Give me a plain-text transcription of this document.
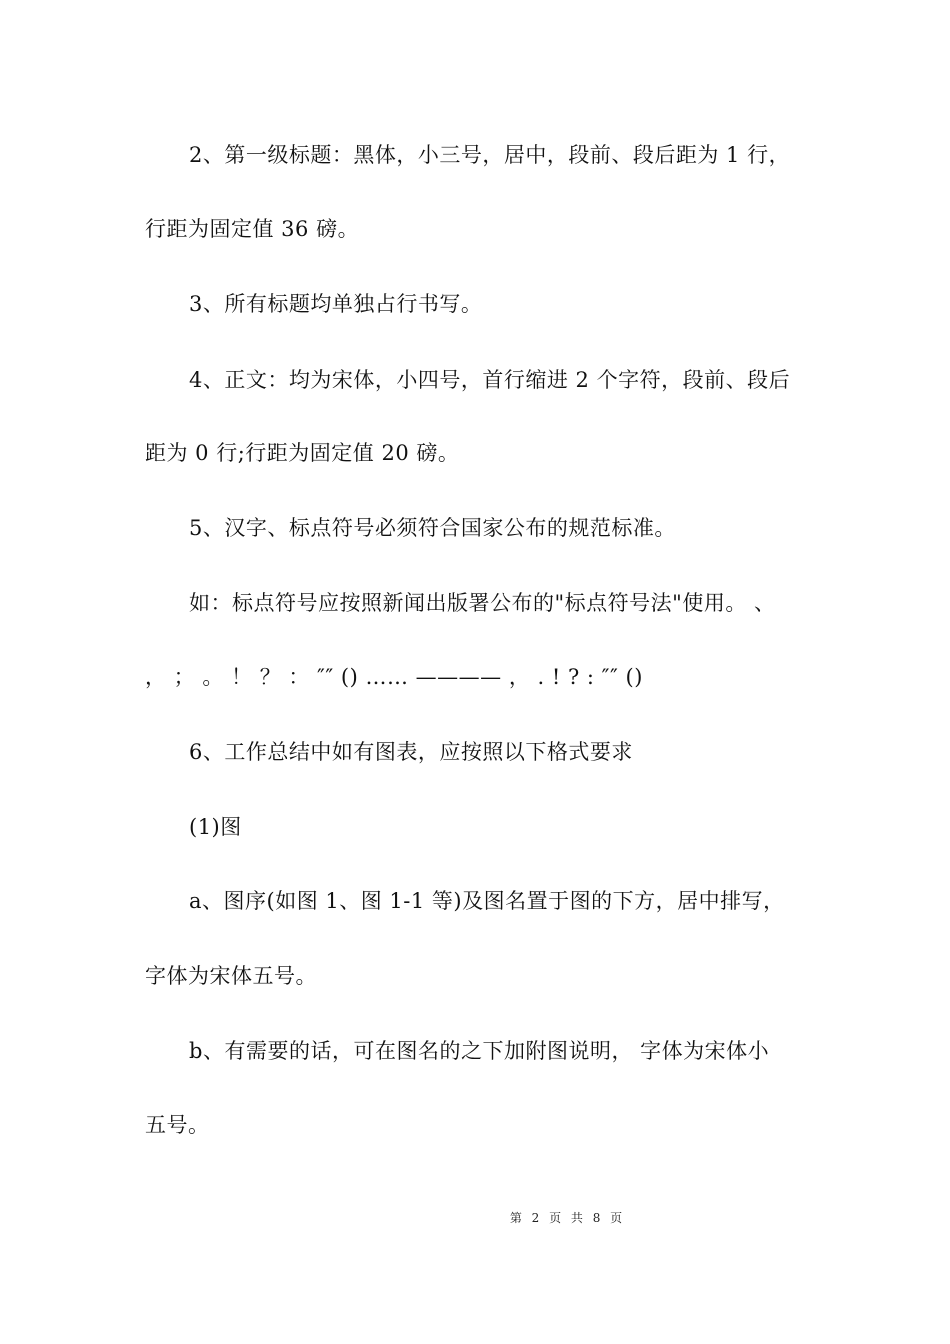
2、第一级标题：黑体，小三号，居中，段前、段后距为 1 行，
行距为固定值 36 磅。
3、所有标题均单独占行书写。
4、正文：均为宋体，小四号，首行缩进 2 个字符，段前、段后
距为 0 行;行距为固定值 20 磅。
5、汉字、标点符号必须符合国家公布的规范标准。
如：标点符号应按照新闻出版署公布的"标点符号法"使用。 、
， ； 。 ！ ？ ： ″″ () …… ———— ， . ! ? : ″″ ()
6、工作总结中如有图表，应按照以下格式要求
(1)图
a、图序(如图 1、图 1-1 等)及图名置于图的下方，居中排写，
字体为宋体五号。
b、有需要的话，可在图名的之下加附图说明， 字体为宋体小
五号。
第 2 页 共 8 页
